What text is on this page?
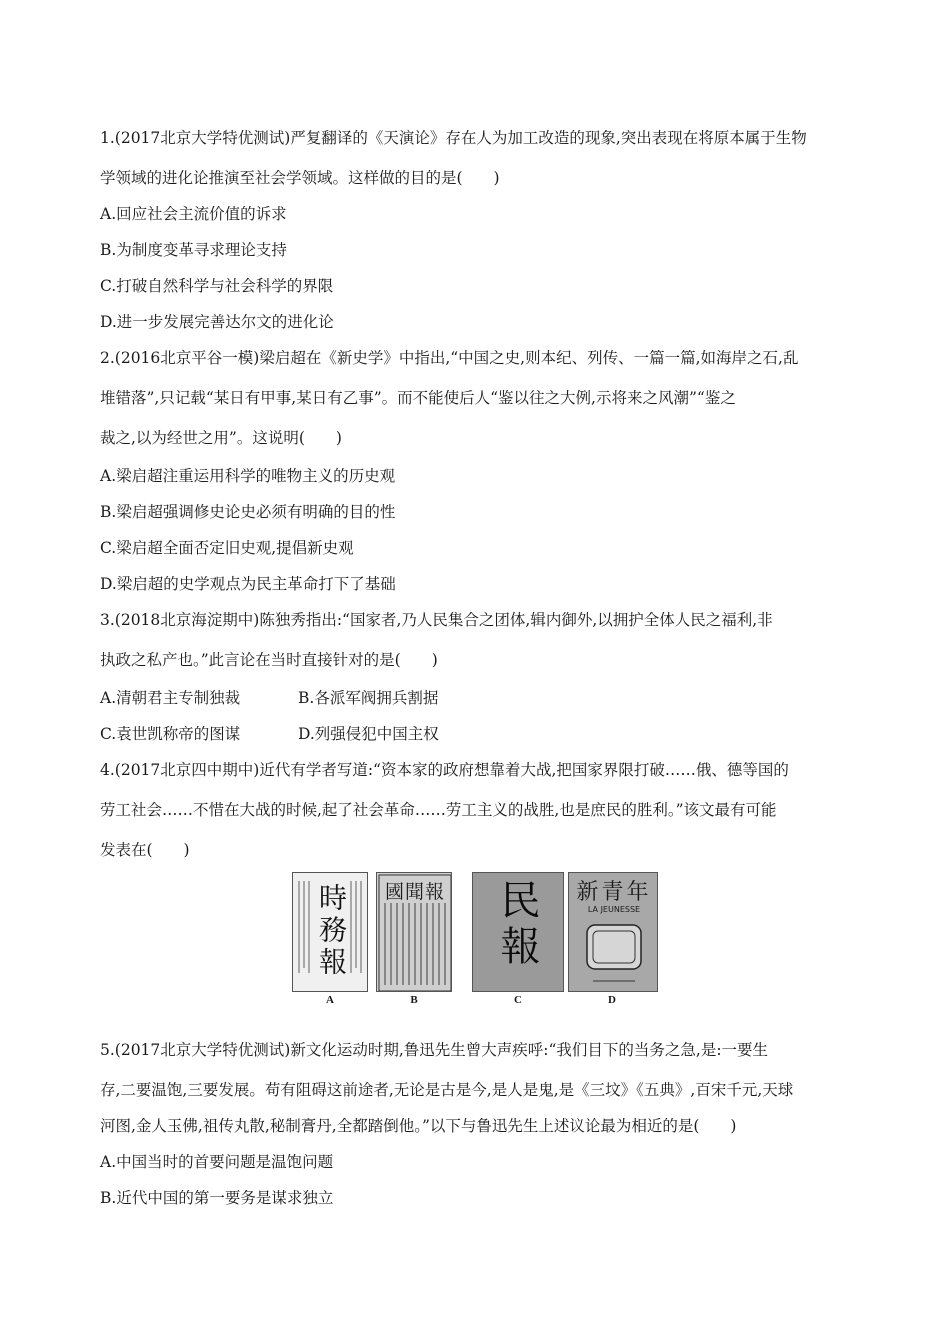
1.(2017北京大学特优测试)严复翻译的《天演论》存在人为加工改造的现象,突出表现在将原本属于生物
学领域的进化论推演至社会学领域。这样做的目的是(　　)
A.回应社会主流价值的诉求
B.为制度变革寻求理论支持
C.打破自然科学与社会科学的界限
D.进一步发展完善达尔文的进化论
2.(2016北京平谷一模)梁启超在《新史学》中指出,“中国之史,则本纪、列传、一篇一篇,如海岸之石,乱
堆错落”,只记载“某日有甲事,某日有乙事”。而不能使后人“鉴以往之大例,示将来之风潮”“鉴之
裁之,以为经世之用”。这说明(　　)
A.梁启超注重运用科学的唯物主义的历史观
B.梁启超强调修史论史必须有明确的目的性
C.梁启超全面否定旧史观,提倡新史观
D.梁启超的史学观点为民主革命打下了基础
3.(2018北京海淀期中)陈独秀指出:“国家者,乃人民集合之团体,辑内御外,以拥护全体人民之福利,非
执政之私产也。”此言论在当时直接针对的是(　　)
A.清朝君主专制独裁	B.各派军阀拥兵割据
C.袁世凯称帝的图谋	D.列强侵犯中国主权
4.(2017北京四中期中)近代有学者写道:“资本家的政府想靠着大战,把国家界限打破……俄、德等国的
劳工社会……不惜在大战的时候,起了社会革命……劳工主义的战胜,也是庶民的胜利。”该文最有可能
发表在(　　)
時務報
A
國聞報
B
民報
C
新青年
LA JEUNESSE
D
5.(2017北京大学特优测试)新文化运动时期,鲁迅先生曾大声疾呼:“我们目下的当务之急,是:一要生
存,二要温饱,三要发展。苟有阻碍这前途者,无论是古是今,是人是鬼,是《三坟》《五典》,百宋千元,天球
河图,金人玉佛,祖传丸散,秘制膏丹,全都踏倒他。”以下与鲁迅先生上述议论最为相近的是(　　)
A.中国当时的首要问题是温饱问题
B.近代中国的第一要务是谋求独立
